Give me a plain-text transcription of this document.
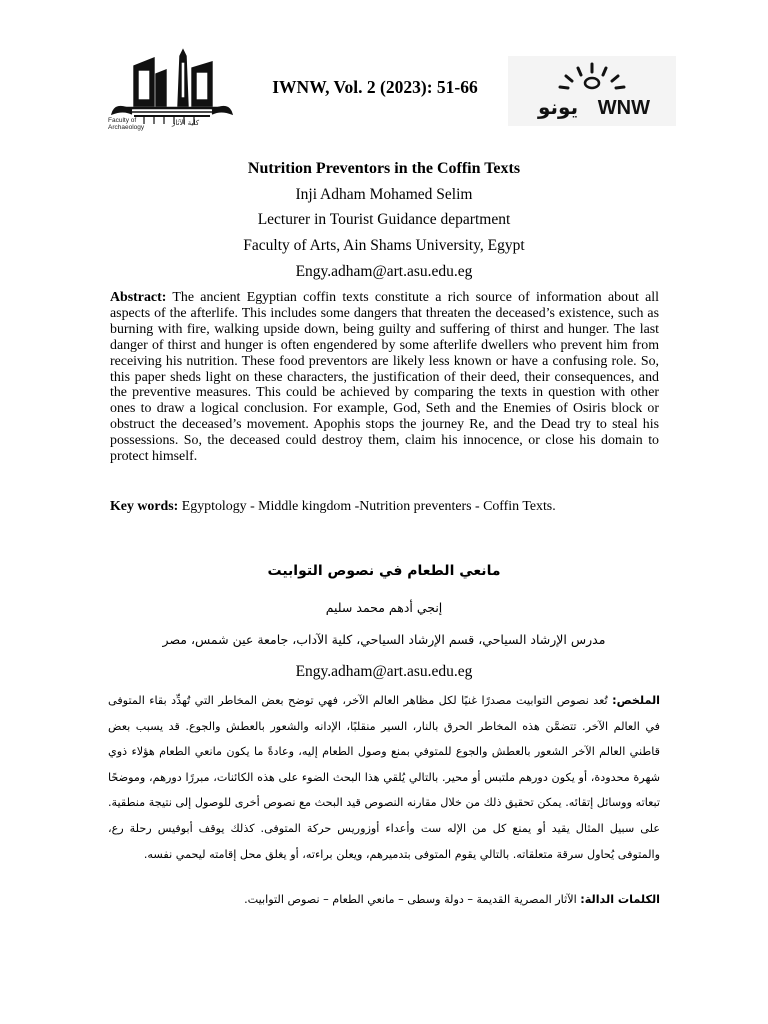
Faculty of
Archaeology
كلية الآثار
IWNW, Vol. 2 (2023): 51-66
WNW
يونو
Nutrition Preventors in the Coffin Texts
Inji Adham Mohamed Selim
Lecturer in Tourist Guidance department
Faculty of Arts, Ain Shams University, Egypt
Engy.adham@art.asu.edu.eg
Abstract: The ancient Egyptian coffin texts constitute a rich source of information about all aspects of the afterlife. This includes some dangers that threaten the deceased’s existence, such as burning with fire, walking upside down, being guilty and suffering of thirst and hunger. The last danger of thirst and hunger is often engendered by some afterlife dwellers who prevent him from receiving his nutrition. These food preventors are likely less known or have a confusing role. So, this paper sheds light on these characters, the justification of their deed, their consequences, and the preventive measures. This could be achieved by comparing the texts in question with other ones to draw a logical conclusion. For example, God, Seth and the Enemies of Osiris block or obstruct the deceased’s movement. Apophis stops the journey Re, and the Dead try to steal his possessions. So, the deceased could destroy them, claim his innocence, or close his domain to protect himself.
Key words: Egyptology - Middle kingdom -Nutrition preventers - Coffin Texts.
مانعي الطعام في نصوص التوابيت
إنجي أدهم محمد سليم
مدرس الإرشاد السياحي، قسم الإرشاد السياحي، كلية الآداب، جامعة عين شمس، مصر
Engy.adham@art.asu.edu.eg
الملخص: تُعد نصوص التوابيت مصدرًا غنيًا لكل مظاهر العالم الآخر، فهي توضح بعض المخاطر التي تُهدِّد بقاء المتوفى في العالم الآخر. تتضمَّن هذه المخاطر الحرق بالنار، السير منقلبًا، الإدانه والشعور بالعطش والجوع. قد يسبب بعض قاطني العالم الآخر الشعور بالعطش والجوع للمتوفي بمنع وصول الطعام إليه، وعادةً ما يكون مانعي الطعام هؤلاء ذوي شهرة محدودة، أو يكون دورهم ملتبس أو محير. بالتالي يُلقي هذا البحث الضوء على هذه الكائنات، مبررًا دورهم، وموضحًا تبعاته ووسائل إتقائه. يمكن تحقيق ذلك من خلال مقارنه النصوص قيد البحث مع نصوص أخرى للوصول إلى نتيجة منطقية. على سبيل المثال يقيد أو يمنع كل من الإله ست وأعداء أوزوريس حركة المتوفى. كذلك يوقف أبوفيس رحلة رع، والمتوفى يُحاول سرقة متعلقاته. بالتالي يقوم المتوفى بتدميرهم، ويعلن براءته، أو يغلق محل إقامته ليحمي نفسه.
الكلمات الدالة: الآثار المصرية القديمة – دولة وسطى – مانعي الطعام – نصوص التوابيت.
